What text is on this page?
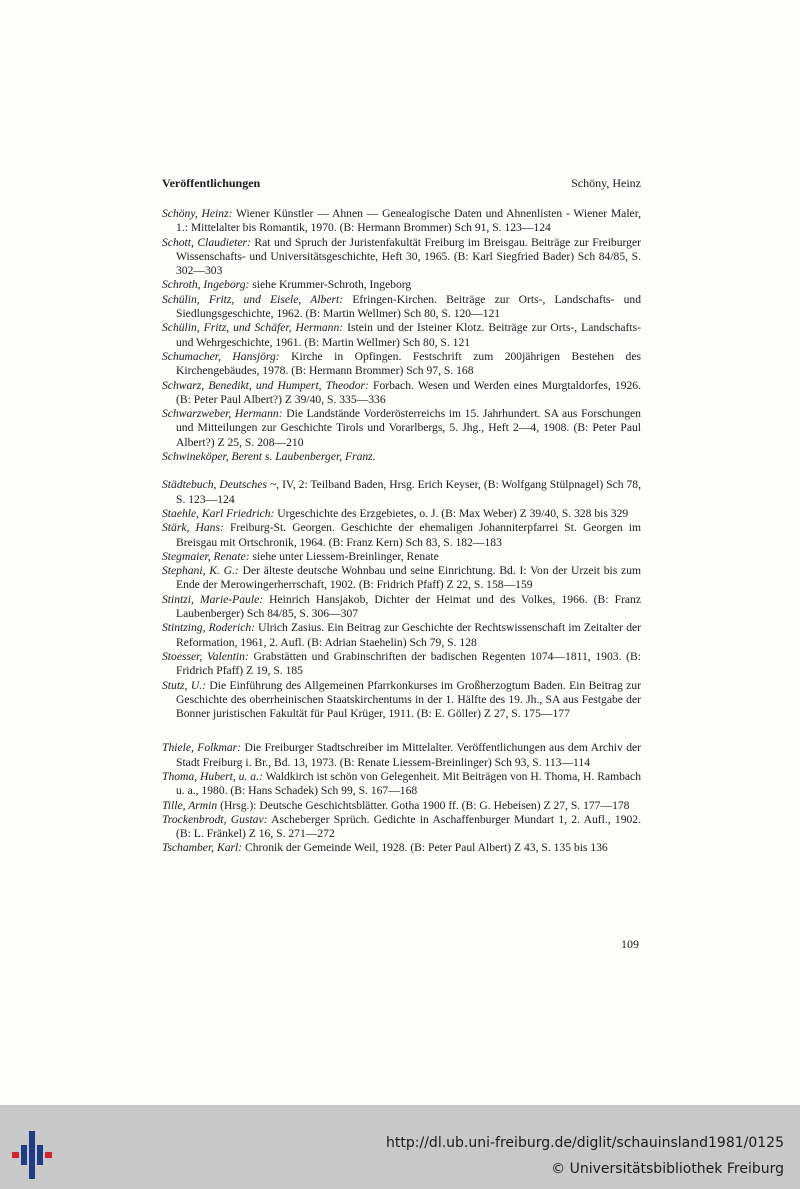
Veröffentlichungen	Schöny, Heinz

Schöny, Heinz: Wiener Künstler — Ahnen — Genealogische Daten und Ahnenlisten - Wiener Maler, 1.: Mittelalter bis Romantik, 1970. (B: Hermann Brommer) Sch 91, S. 123—124

Schott, Claudieter: Rat und Spruch der Juristenfakultät Freiburg im Breisgau. Beiträge zur Freiburger Wissenschafts- und Universitätsgeschichte, Heft 30, 1965. (B: Karl Siegfried Bader) Sch 84/85, S. 302—303

Schroth, Ingeborg: siehe Krummer-Schroth, Ingeborg

Schülin, Fritz, und Eisele, Albert: Efringen-Kirchen. Beiträge zur Orts-, Landschafts- und Siedlungsgeschichte, 1962. (B: Martin Wellmer) Sch 80, S. 120—121

Schülin, Fritz, und Schäfer, Hermann: Istein und der Isteiner Klotz. Beiträge zur Orts-, Landschafts- und Wehrgeschichte, 1961. (B: Martin Wellmer) Sch 80, S. 121

Schumacher, Hansjörg: Kirche in Opfingen. Festschrift zum 200jährigen Bestehen des Kirchengebäudes, 1978. (B: Hermann Brommer) Sch 97, S. 168

Schwarz, Benedikt, und Humpert, Theodor: Forbach. Wesen und Werden eines Murgtaldorfes, 1926. (B: Peter Paul Albert?) Z 39/40, S. 335—336

Schwarzweber, Hermann: Die Landstände Vorderösterreichs im 15. Jahrhundert. SA aus Forschungen und Mitteilungen zur Geschichte Tirols und Vorarlbergs, 5. Jhg., Heft 2—4, 1908. (B: Peter Paul Albert?) Z 25, S. 208—210

Schwineköper, Berent s. Laubenberger, Franz.

Städtebuch, Deutsches ~, IV, 2: Teilband Baden, Hrsg. Erich Keyser, (B: Wolfgang Stülpnagel) Sch 78, S. 123—124

Staehle, Karl Friedrich: Urgeschichte des Erzgebietes, o. J. (B: Max Weber) Z 39/40, S. 328 bis 329

Stärk, Hans: Freiburg-St. Georgen. Geschichte der ehemaligen Johanniterpfarrei St. Georgen im Breisgau mit Ortschronik, 1964. (B: Franz Kern) Sch 83, S. 182—183

Stegmaier, Renate: siehe unter Liessem-Breinlinger, Renate

Stephani, K. G.: Der älteste deutsche Wohnbau und seine Einrichtung. Bd. I: Von der Urzeit bis zum Ende der Merowingerherrschaft, 1902. (B: Fridrich Pfaff) Z 22, S. 158—159

Stintzi, Marie-Paule: Heinrich Hansjakob, Dichter der Heimat und des Volkes, 1966. (B: Franz Laubenberger) Sch 84/85, S. 306—307

Stintzing, Roderich: Ulrich Zasius. Ein Beitrag zur Geschichte der Rechtswissenschaft im Zeitalter der Reformation, 1961, 2. Aufl. (B: Adrian Staehelin) Sch 79, S. 128

Stoesser, Valentin: Grabstätten und Grabinschriften der badischen Regenten 1074—1811, 1903. (B: Fridrich Pfaff) Z 19, S. 185

Stutz, U.: Die Einführung des Allgemeinen Pfarrkonkurses im Großherzogtum Baden. Ein Beitrag zur Geschichte des oberrheinischen Staatskirchentums in der 1. Hälfte des 19. Jh., SA aus Festgabe der Bonner juristischen Fakultät für Paul Krüger, 1911. (B: E. Göller) Z 27, S. 175—177

Thiele, Folkmar: Die Freiburger Stadtschreiber im Mittelalter. Veröffentlichungen aus dem Archiv der Stadt Freiburg i. Br., Bd. 13, 1973. (B: Renate Liessem-Breinlinger) Sch 93, S. 113—114

Thoma, Hubert, u. a.: Waldkirch ist schön von Gelegenheit. Mit Beiträgen von H. Thoma, H. Rambach u. a., 1980. (B: Hans Schadek) Sch 99, S. 167—168

Tille, Armin (Hrsg.): Deutsche Geschichtsblätter. Gotha 1900 ff. (B: G. Hebeisen) Z 27, S. 177—178

Trockenbrodt, Gustav: Ascheberger Sprüch. Gedichte in Aschaffenburger Mundart 1, 2. Aufl., 1902. (B: L. Fränkel) Z 16, S. 271—272

Tschamber, Karl: Chronik der Gemeinde Weil, 1928. (B: Peter Paul Albert) Z 43, S. 135 bis 136

109
http://dl.ub.uni-freiburg.de/diglit/schauinsland1981/0125
© Universitätsbibliothek Freiburg
